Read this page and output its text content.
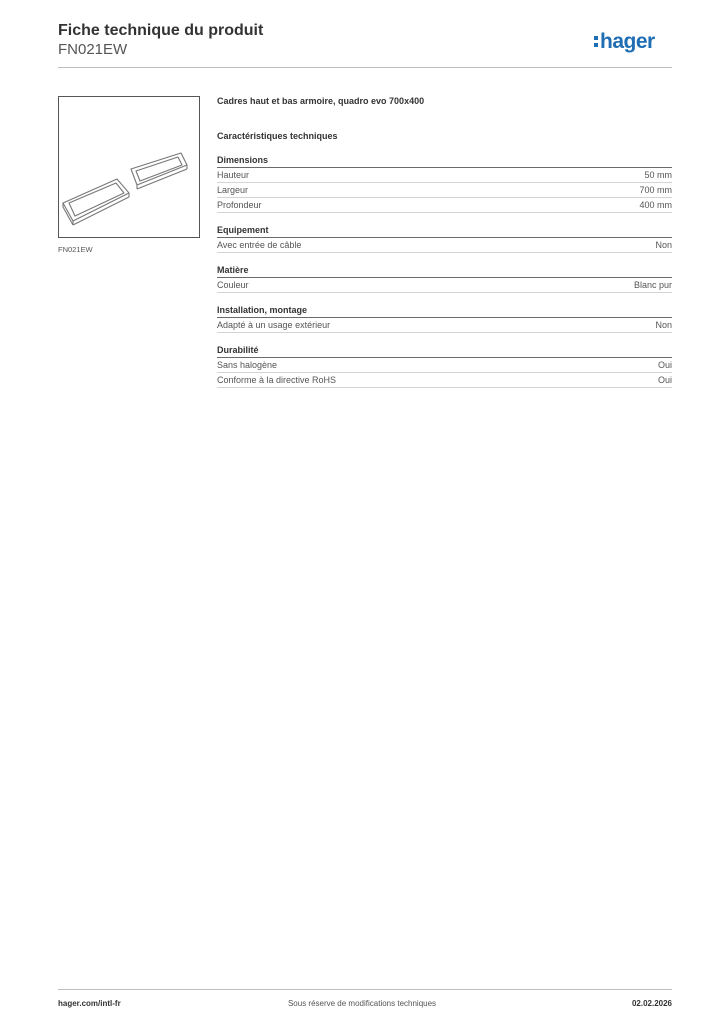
Fiche technique du produit
FN021EW	hager
FN021EW
Cadres haut et bas armoire, quadro evo 700x400
Caractéristiques techniques
Dimensions
Hauteur	50 mm
Largeur	700 mm
Profondeur	400 mm
Equipement
Avec entrée de câble	Non
Matière
Couleur	Blanc pur
Installation, montage
Adapté à un usage extérieur	Non
Durabilité
Sans halogène	Oui
Conforme à la directive RoHS	Oui
hager.com/intl-fr	Sous réserve de modifications techniques	02.02.2026
